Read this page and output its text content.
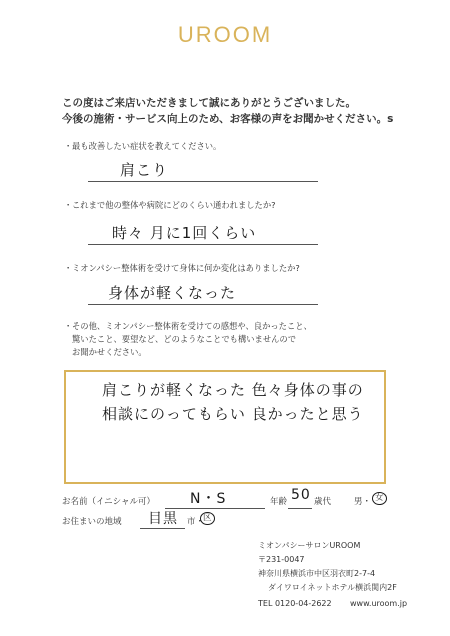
UROOM
この度はご来店いただきまして誠にありがとうございました。
今後の施術・サービス向上のため、お客様の声をお聞かせください。s
・最も改善したい症状を教えてください。
肩こり
・これまで他の整体や病院にどのくらい通われましたか?
時々 月に1回くらい
・ミオンパシー整体術を受けて身体に何か変化はありましたか?
身体が軽くなった
・その他、ミオンパシー整体術を受けての感想や、良かったこと、
驚いたこと、要望など、どのようなことでも構いませんので
お聞かせください。
肩こりが軽くなった 色々身体の事の
相談にのってもらい 良かったと思う
お名前（イニシャル可）	N・S	年齢 50 歳代	男・ 女
お住まいの地域 目黒 市・
区
ミオンパシーサロンUROOM
〒231-0047
神奈川県横浜市中区羽衣町2-7-4
ダイワロイネットホテル横浜関内2F
TEL 0120-04-2622 www.uroom.jp
